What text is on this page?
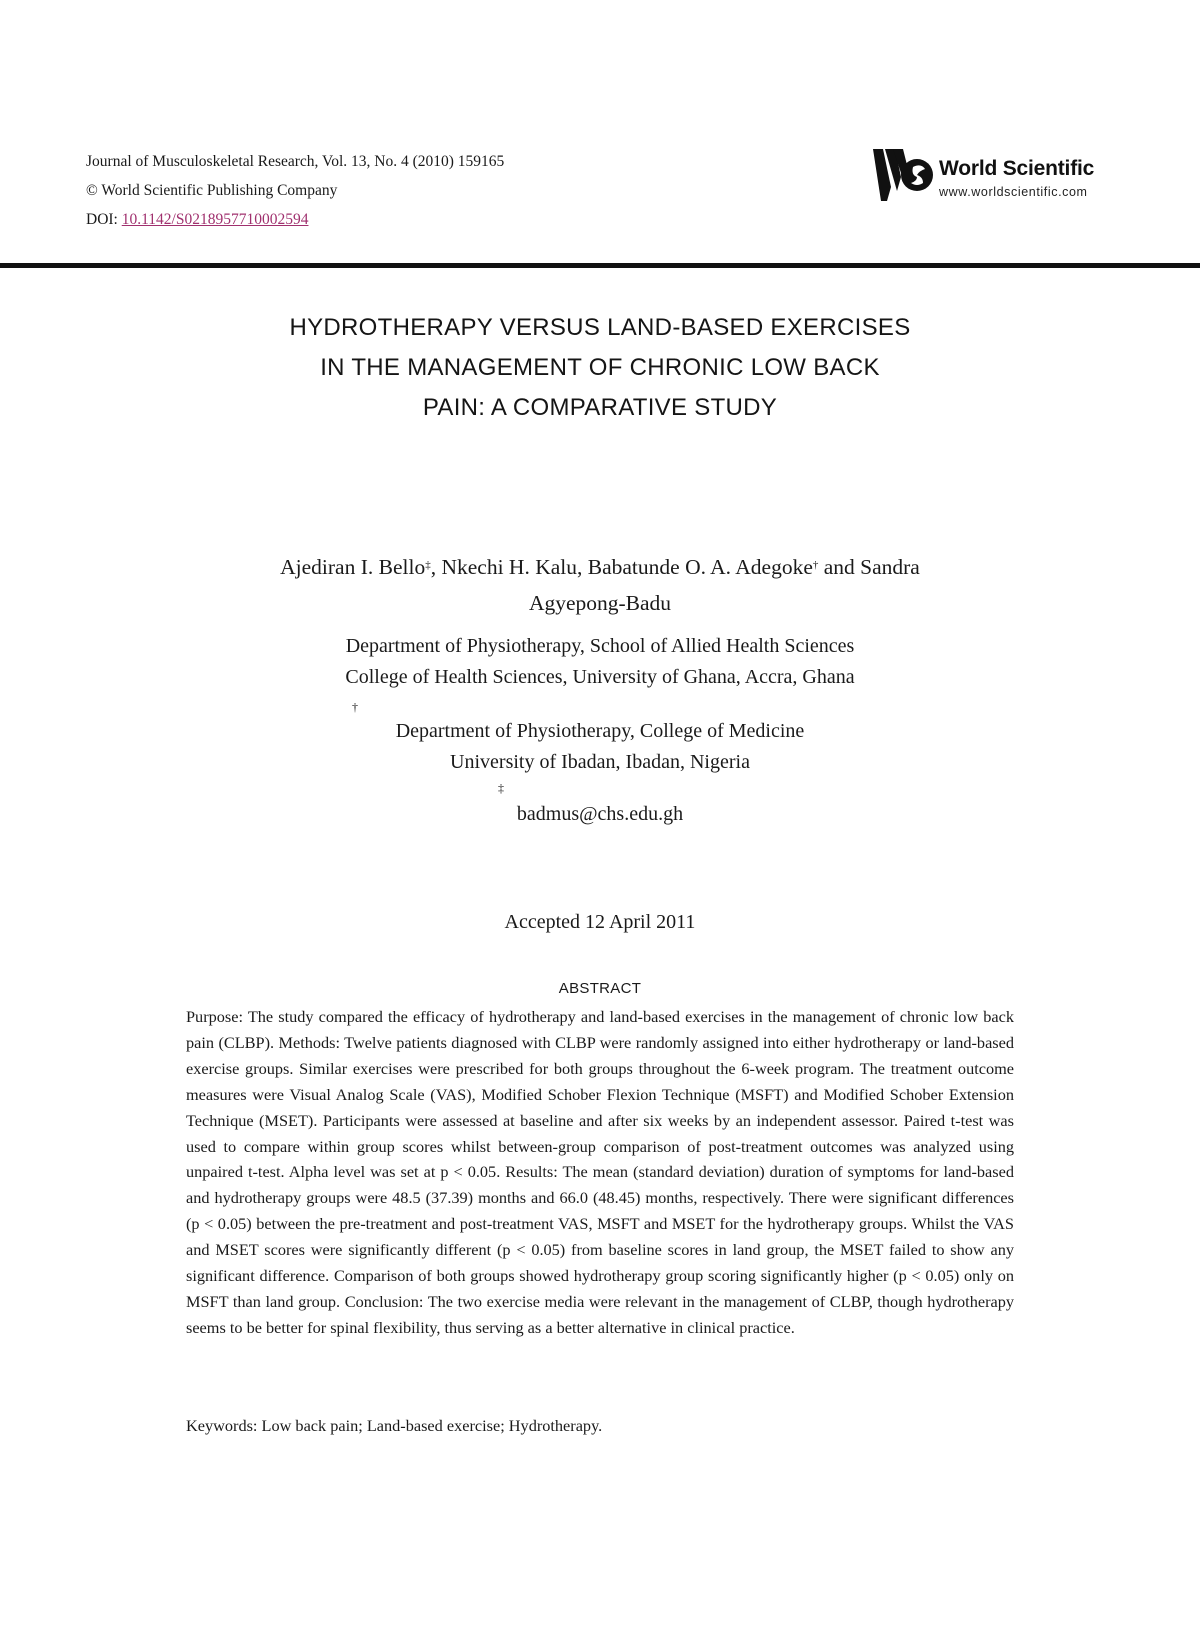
Journal of Musculoskeletal Research, Vol. 13, No. 4 (2010) 159165
© World Scientific Publishing Company
DOI: 10.1142/S0218957710002594
World Scientific
www.worldscientific.com
HYDROTHERAPY VERSUS LAND-BASED EXERCISES
IN THE MANAGEMENT OF CHRONIC LOW BACK
PAIN: A COMPARATIVE STUDY
Ajediran I. Bello‡, Nkechi H. Kalu, Babatunde O. A. Adegoke† and Sandra
Agyepong-Badu
Department of Physiotherapy, School of Allied Health Sciences
College of Health Sciences, University of Ghana, Accra, Ghana
†
Department of Physiotherapy, College of Medicine
University of Ibadan, Ibadan, Nigeria
‡
badmus@chs.edu.gh
Accepted 12 April 2011
ABSTRACT
Purpose: The study compared the efficacy of hydrotherapy and land-based exercises in the management of chronic low back pain (CLBP). Methods: Twelve patients diagnosed with CLBP were randomly assigned into either hydrotherapy or land-based exercise groups. Similar exercises were prescribed for both groups throughout the 6-week program. The treatment outcome measures were Visual Analog Scale (VAS), Modified Schober Flexion Technique (MSFT) and Modified Schober Extension Technique (MSET). Participants were assessed at baseline and after six weeks by an independent assessor. Paired t-test was used to compare within group scores whilst between-group comparison of post-treatment outcomes was analyzed using unpaired t-test. Alpha level was set at p < 0.05. Results: The mean (standard deviation) duration of symptoms for land-based and hydrotherapy groups were 48.5 (37.39) months and 66.0 (48.45) months, respectively. There were significant differences (p < 0.05) between the pre-treatment and post-treatment VAS, MSFT and MSET for the hydrotherapy groups. Whilst the VAS and MSET scores were significantly different (p < 0.05) from baseline scores in land group, the MSET failed to show any significant difference. Comparison of both groups showed hydrotherapy group scoring significantly higher (p < 0.05) only on MSFT than land group. Conclusion: The two exercise media were relevant in the management of CLBP, though hydrotherapy seems to be better for spinal flexibility, thus serving as a better alternative in clinical practice.
Keywords: Low back pain; Land-based exercise; Hydrotherapy.
